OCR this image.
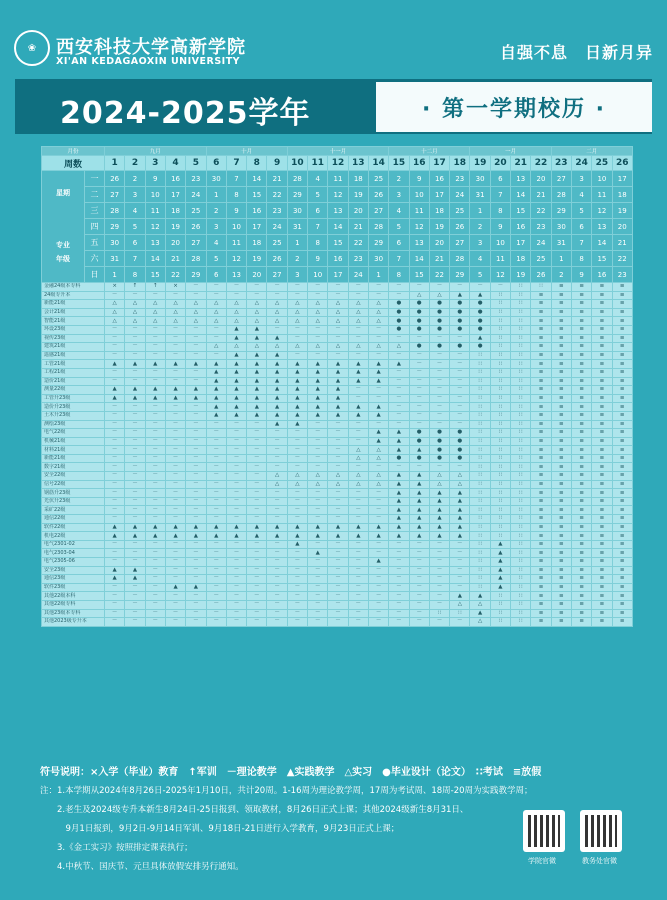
❀	西安科技大学高新学院
XI'AN KEDAGAOXIN UNIVERSITY	自强不息　日新月异
2024-2025学年	· 第一学期校历 ·
月份		九月					十月				十一月					十二月				一月				二月			
周数		1	2	3	4	5	6	7	8	9	10	11	12	13	14	15	16	17	18	19	20	21	22	23	24	25	26

星期
专业
年级	一	26	2	9	16	23	30	7	14	21	28	4	11	18	25	2	9	16	23	30	6	13	20	27	3	10	17
	二	27	3	10	17	24	1	8	15	22	29	5	12	19	26	3	10	17	24	31	7	14	21	28	4	11	18
	三	28	4	11	18	25	2	9	16	23	30	6	13	20	27	4	11	18	25	1	8	15	22	29	5	12	19
	四	29	5	12	19	26	3	10	17	24	31	7	14	21	28	5	12	19	26	2	9	16	23	30	6	13	20
	五	30	6	13	20	27	4	11	18	25	1	8	15	22	29	6	13	20	27	3	10	17	24	31	7	14	21
	六	31	7	14	21	28	5	12	19	26	2	9	16	23	30	7	14	21	28	4	11	18	25	1	8	15	22
	日	1	8	15	22	29	6	13	20	27	3	10	17	24	1	8	15	22	29	5	12	19	26	2	9	16	23
金融24级本专科		×	↑	↑	×	－	－	－	－	－	－	－	－	－	－	－	－	－	－	－	－	∷	∷	≡	≡	≡	≡
24级专升本		－	－	－	－	－	－	－	－	－	－	－	－	－	－	－	△	△	▲	▲	∷	∷	≡	≡	≡	≡	≡
新能21级		△	△	△	△	△	△	△	△	△	△	△	△	△	△	●	●	●	●	●	∷	∷	≡	≡	≡	≡	≡
会计21级		△	△	△	△	△	△	△	△	△	△	△	△	△	△	●	●	●	●	●	∷	∷	≡	≡	≡	≡	≡
智能21级		△	△	△	△	△	△	△	△	△	△	△	△	△	△	●	●	●	●	●	∷	∷	≡	≡	≡	≡	≡
环设23级		－	－	－	－	－	－	▲	▲	－	－	－	－	－	－	●	●	●	●	●	∷	∷	≡	≡	≡	≡	≡
视传23级		－	－	－	－	－	－	▲	▲	▲	－	－	－	－	－	－	－	－	－	▲	∷	∷	≡	≡	≡	≡	≡
建筑21级		－	－	－	－	－	△	△	△	△	△	△	△	△	△	△	●	●	●	●	∷	∷	≡	≡	≡	≡	≡
遥感21级		－	－	－	－	－	－	▲	▲	▲	－	－	－	－	－	－	－	－	－	∷	∷	∷	≡	≡	≡	≡	≡
工管21级		▲	▲	▲	▲	▲	▲	▲	▲	▲	▲	▲	▲	▲	▲	▲	－	－	－	∷	∷	∷	≡	≡	≡	≡	≡
工程21级		－	－	－	－	－	▲	▲	▲	▲	▲	▲	▲	▲	▲	－	－	－	－	∷	∷	∷	≡	≡	≡	≡	≡
造价21级		－	－	－	－	－	▲	▲	▲	▲	▲	▲	▲	▲	▲	－	－	－	－	∷	∷	∷	≡	≡	≡	≡	≡
测量22级		▲	▲	▲	▲	▲	▲	▲	▲	▲	▲	▲	▲	－	－	－	－	－	－	∷	∷	∷	≡	≡	≡	≡	≡
工管升23级		▲	▲	▲	▲	▲	▲	▲	▲	▲	▲	▲	▲	－	－	－	－	－	－	∷	∷	∷	≡	≡	≡	≡	≡
造价升23级		－	－	－	－	－	▲	▲	▲	▲	▲	▲	▲	▲	▲	－	－	－	－	∷	∷	∷	≡	≡	≡	≡	≡
土木升23级		－	－	－	－	－	▲	▲	▲	▲	▲	▲	▲	▲	▲	－	－	－	－	∷	∷	∷	≡	≡	≡	≡	≡
测绘23级		－	－	－	－	－	－	－	－	▲	▲	－	－	－	－	－	－	－	－	∷	∷	∷	≡	≡	≡	≡	≡
电气22级		－	－	－	－	－	－	－	－	－	－	－	－	－	▲	▲	●	●	●	∷	∷	∷	≡	≡	≡	≡	≡
机械21级		－	－	－	－	－	－	－	－	－	－	－	－	－	▲	▲	●	●	●	∷	∷	∷	≡	≡	≡	≡	≡
材料21级		－	－	－	－	－	－	－	－	－	－	－	－	△	△	▲	▲	●	●	∷	∷	∷	≡	≡	≡	≡	≡
新能21级		－	－	－	－	－	－	－	－	－	－	－	－	△	△	●	●	●	●	∷	∷	∷	≡	≡	≡	≡	≡
数字21级		－	－	－	－	－	－	－	－	－	－	－	－	－	－	－	－	－	－	∷	∷	∷	≡	≡	≡	≡	≡
安全22级		－	－	－	－	－	－	－	－	△	△	△	△	△	△	▲	▲	△	△	∷	∷	∷	≡	≡	≡	≡	≡
信号22级		－	－	－	－	－	－	－	－	△	△	△	△	△	△	▲	▲	△	△	∷	∷	∷	≡	≡	≡	≡	≡
钢筋升23级		－	－	－	－	－	－	－	－	－	－	－	－	－	－	▲	▲	▲	▲	∷	∷	∷	≡	≡	≡	≡	≡
光伏升23级		－	－	－	－	－	－	－	－	－	－	－	－	－	－	▲	▲	▲	▲	∷	∷	∷	≡	≡	≡	≡	≡
采矿22级		－	－	－	－	－	－	－	－	－	－	－	－	－	－	▲	▲	▲	▲	∷	∷	∷	≡	≡	≡	≡	≡
通信22级		－	－	－	－	－	－	－	－	－	－	－	－	－	－	▲	▲	▲	▲	∷	∷	∷	≡	≡	≡	≡	≡
软件22级		▲	▲	▲	▲	▲	▲	▲	▲	▲	▲	▲	▲	▲	▲	▲	▲	▲	▲	∷	∷	∷	≡	≡	≡	≡	≡
机电22级		▲	▲	▲	▲	▲	▲	▲	▲	▲	▲	▲	▲	▲	▲	▲	▲	▲	▲	∷	∷	∷	≡	≡	≡	≡	≡
电气2301-02		－	－	－	－	－	－	－	－	－	▲	－	－	－	－	－	－	－	－	∷	▲	∷	≡	≡	≡	≡	≡
电气2303-04		－	－	－	－	－	－	－	－	－	－	▲	－	－	－	－	－	－	－	∷	▲	∷	≡	≡	≡	≡	≡
电气2305-06		－	－	－	－	－	－	－	－	－	－	－	－	－	▲	－	－	－	－	∷	▲	∷	≡	≡	≡	≡	≡
安全23级		▲	▲	－	－	－	－	－	－	－	－	－	－	－	－	－	－	－	－	∷	▲	∷	≡	≡	≡	≡	≡
通信23级		▲	▲	－	－	－	－	－	－	－	－	－	－	－	－	－	－	－	－	∷	▲	∷	≡	≡	≡	≡	≡
软件23级		－	－	－	▲	▲	－	－	－	－	－	－	－	－	－	－	－	－	－	∷	▲	∷	≡	≡	≡	≡	≡
其他22级本科		－	－	－	－	－	－	－	－	－	－	－	－	－	－	－	－	－	▲	▲	∷	∷	≡	≡	≡	≡	≡
其他22级专科		－	－	－	－	－	－	－	－	－	－	－	－	－	－	－	－	－	△	△	∷	∷	≡	≡	≡	≡	≡
其他23级本专科		－	－	－	－	－	－	－	－	－	－	－	－	－	－	－	－	∷	∷	▲	∷	∷	≡	≡	≡	≡	≡
其他2023级专升本		－	－	－	－	－	－	－	－	－	－	－	－	－	－	－	－	－	－	△	∷	∷	≡	≡	≡	≡	≡
符号说明：×入学（毕业）教育　↑军训　－理论教学　▲实践教学　△实习　●毕业设计（论文）　∷考试　≡放假
注：1.本学期从2024年8月26日-2025年1月10日，共计20周。1-16周为理论教学周，17周为考试周、18周-20周为实践教学周；
　　2.老生及2024级专升本新生8月24日-25日报到、领取教材，8月26日正式上课；其他2024级新生8月31日、
　　　9月1日报到，9月2日-9月14日军训、9月18日-21日进行入学教育，9月23日正式上课；
　　3.《金工实习》按照排定课表执行；
　　4.中秋节、国庆节、元旦具体放假安排另行通知。
学院官微	教务处官微
